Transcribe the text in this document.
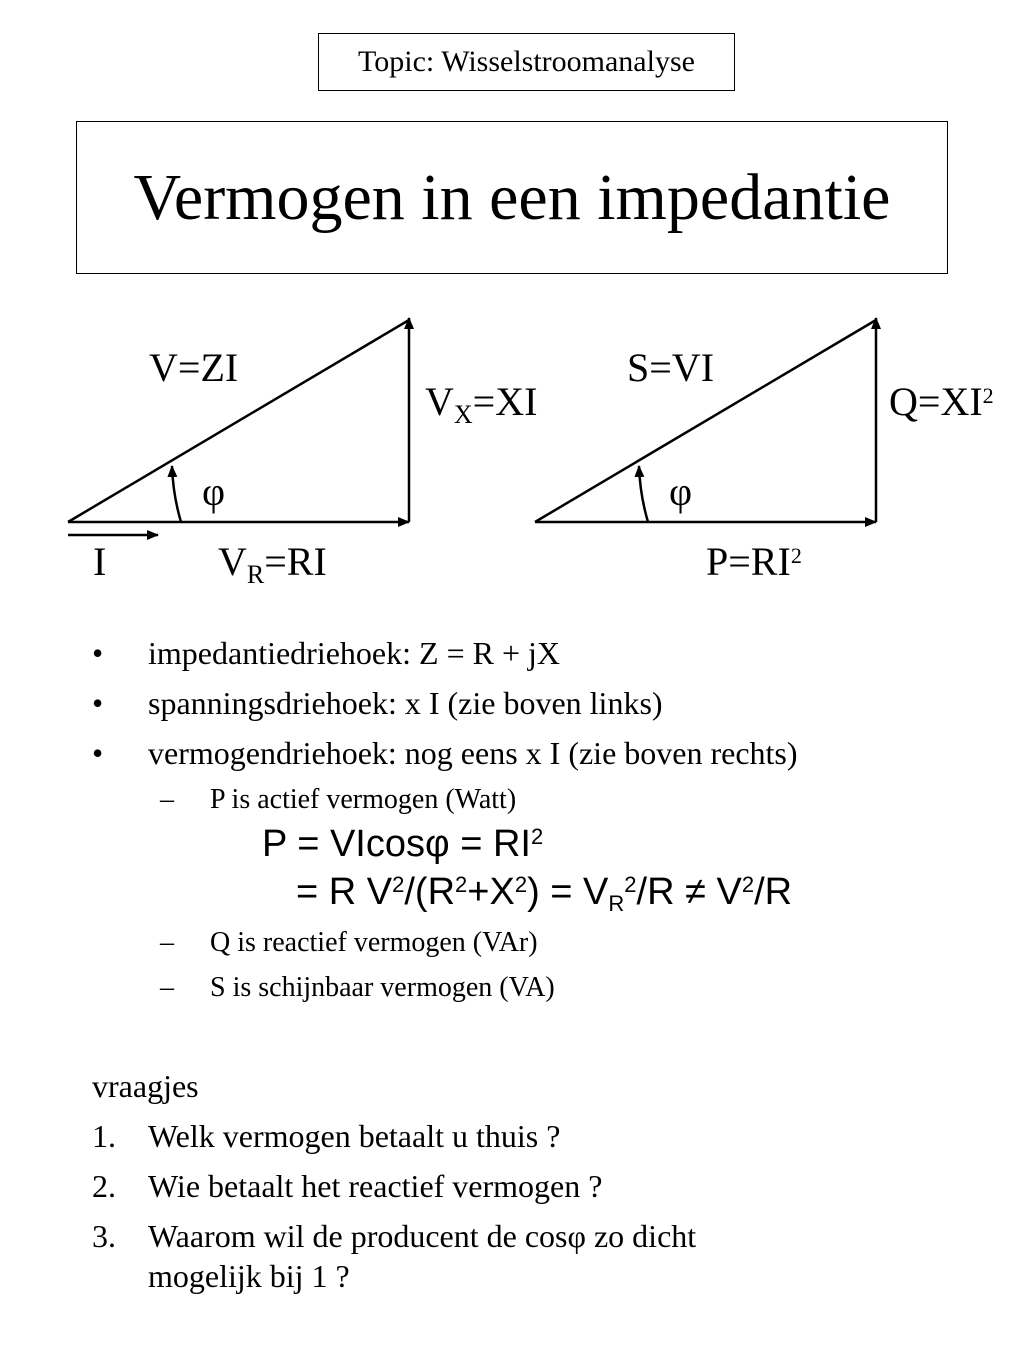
Topic: Wisselstroomanalyse
Vermogen in een impedantie
V=ZI
$V_X=XI$
φ
I	$V_R=RI$
S=VI
$Q=XI^2$
φ
$P=RI^2$
• impedantiedriehoek: Z = R + jX
• spanningsdriehoek: x I (zie boven links)
• vermogendriehoek: nog eens x I (zie boven rechts)
– P is actief vermogen (Watt)
$P = VIcos\varphi = RI^2$
= R $V^2/(R^2+X^2) = VR^2/R \ne V^2/R$
– Q is reactief vermogen (VAr)
– S is schijnbaar vermogen (VA)
vraagjes
1. Welk vermogen betaalt u thuis ?
2. Wie betaalt het reactief vermogen ?
3. Waarom wil de producent de cosφ zo dicht
mogelijk bij 1 ?
